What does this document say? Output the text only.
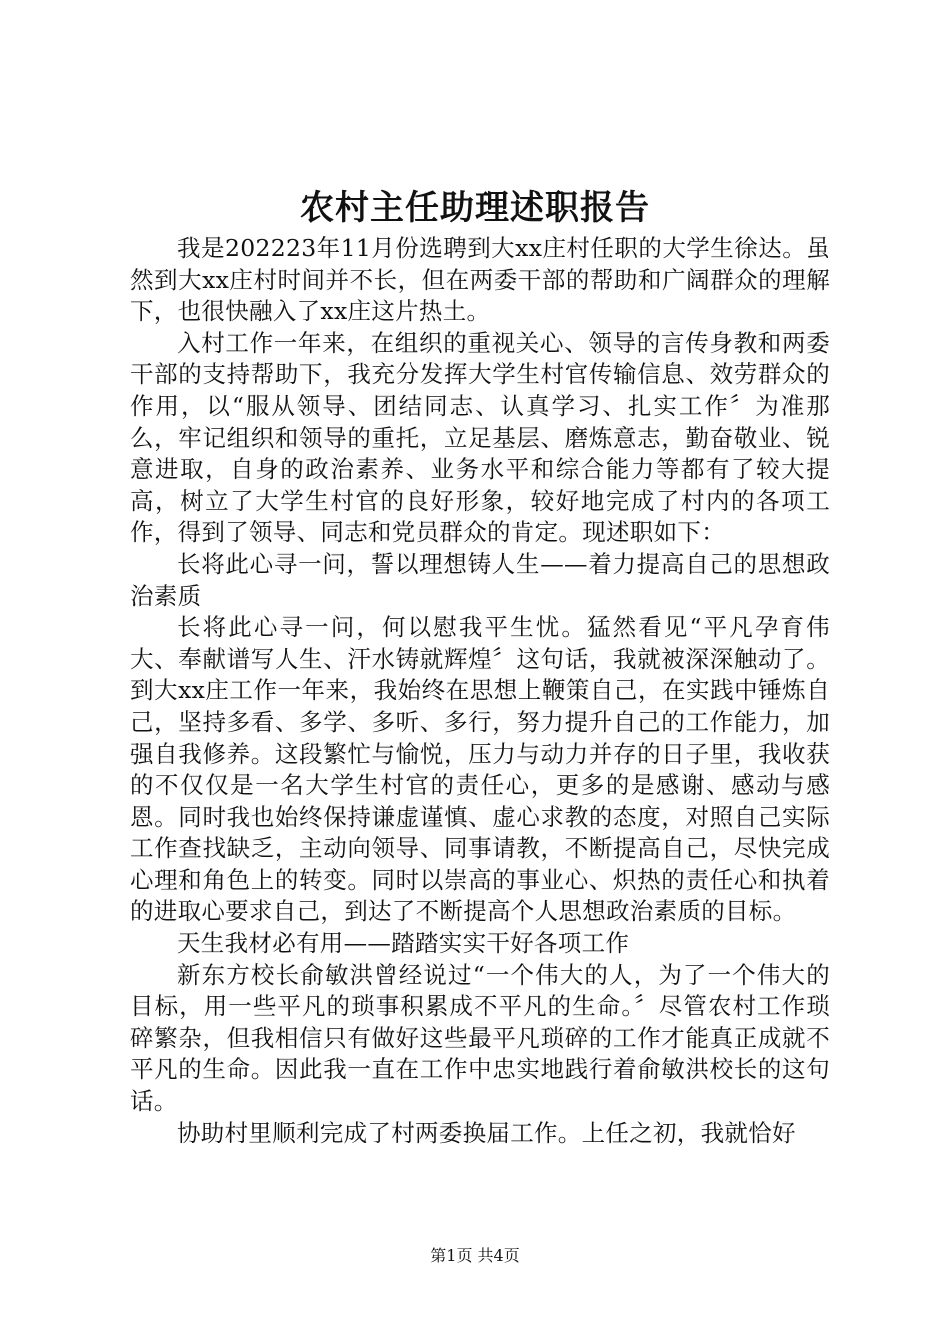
农村主任助理述职报告

我是202223年11月份选聘到大xx庄村任职的大学生徐达。虽然到大xx庄村时间并不长，但在两委干部的帮助和广阔群众的理解下，也很快融入了xx庄这片热土。

入村工作一年来，在组织的重视关心、领导的言传身教和两委干部的支持帮助下，我充分发挥大学生村官传输信息、效劳群众的作用，以“服从领导、团结同志、认真学习、扎实工作〞为准那么，牢记组织和领导的重托，立足基层、磨炼意志，勤奋敬业、锐意进取，自身的政治素养、业务水平和综合能力等都有了较大提高，树立了大学生村官的良好形象，较好地完成了村内的各项工作，得到了领导、同志和党员群众的肯定。现述职如下：

长将此心寻一问，誓以理想铸人生——着力提高自己的思想政治素质

长将此心寻一问，何以慰我平生忧。猛然看见“平凡孕育伟大、奉献谱写人生、汗水铸就辉煌〞这句话，我就被深深触动了。到大xx庄工作一年来，我始终在思想上鞭策自己，在实践中锤炼自己，坚持多看、多学、多听、多行，努力提升自己的工作能力，加强自我修养。这段繁忙与愉悦，压力与动力并存的日子里，我收获的不仅仅是一名大学生村官的责任心，更多的是感谢、感动与感恩。同时我也始终保持谦虚谨慎、虚心求教的态度，对照自己实际工作查找缺乏，主动向领导、同事请教，不断提高自己，尽快完成心理和角色上的转变。同时以崇高的事业心、炽热的责任心和执着的进取心要求自己，到达了不断提高个人思想政治素质的目标。

天生我材必有用——踏踏实实干好各项工作

新东方校长俞敏洪曾经说过“一个伟大的人，为了一个伟大的目标，用一些平凡的琐事积累成不平凡的生命。〞尽管农村工作琐碎繁杂，但我相信只有做好这些最平凡琐碎的工作才能真正成就不平凡的生命。因此我一直在工作中忠实地践行着俞敏洪校长的这句话。

协助村里顺利完成了村两委换届工作。上任之初，我就恰好

第1页 共4页
